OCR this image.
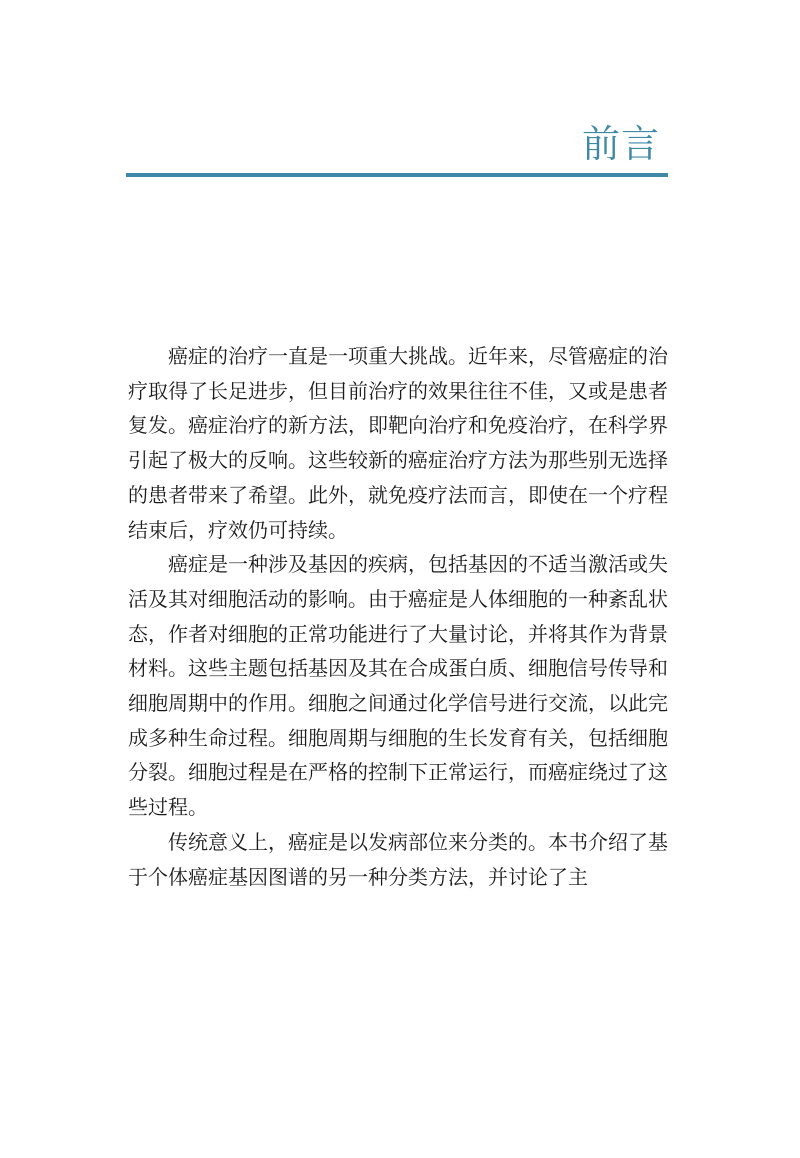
前言

癌症的治疗一直是一项重大挑战。近年来，尽管癌症的治疗取得了长足进步，但目前治疗的效果往往不佳，又或是患者复发。癌症治疗的新方法，即靶向治疗和免疫治疗，在科学界引起了极大的反响。这些较新的癌症治疗方法为那些别无选择的患者带来了希望。此外，就免疫疗法而言，即使在一个疗程结束后，疗效仍可持续。

癌症是一种涉及基因的疾病，包括基因的不适当激活或失活及其对细胞活动的影响。由于癌症是人体细胞的一种紊乱状态，作者对细胞的正常功能进行了大量讨论，并将其作为背景材料。这些主题包括基因及其在合成蛋白质、细胞信号传导和细胞周期中的作用。细胞之间通过化学信号进行交流，以此完成多种生命过程。细胞周期与细胞的生长发育有关，包括细胞分裂。细胞过程是在严格的控制下正常运行，而癌症绕过了这些过程。

传统意义上，癌症是以发病部位来分类的。本书介绍了基于个体癌症基因图谱的另一种分类方法，并讨论了主
